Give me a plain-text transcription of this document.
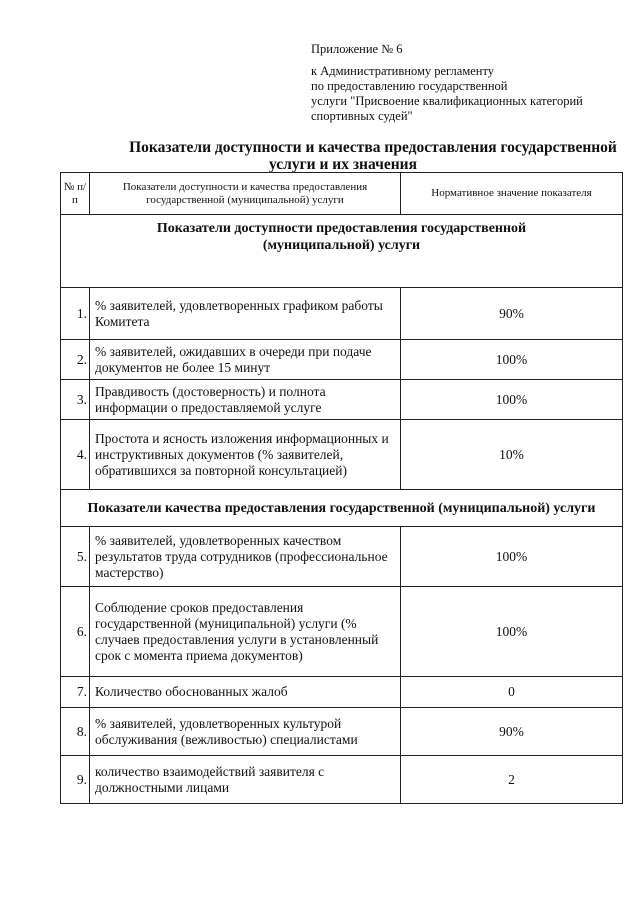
Приложение № 6
к Административному регламенту
по предоставлению государственной
услуги "Присвоение квалификационных категорий
спортивных судей"
Показатели доступности и качества предоставления государственной
услуги и их значения
№ п/п	Показатели доступности и качества предоставления государственной (муниципальной) услуги	Нормативное значение показателя
Показатели доступности предоставления государственной (муниципальной) услуги		
1.	% заявителей, удовлетворенных графиком работы Комитета	90%
2.	% заявителей, ожидавших в очереди при подаче документов не более 15 минут	100%
3.	Правдивость (достоверность) и полнота информации о предоставляемой услуге	100%
4.	Простота и ясность изложения информационных и инструктивных документов (% заявителей, обратившихся за повторной консультацией)	10%
Показатели качества предоставления государственной (муниципальной) услуги		
5.	% заявителей, удовлетворенных качеством результатов труда сотрудников (профессиональное мастерство)	100%
6.	Соблюдение сроков предоставления государственной (муниципальной) услуги (% случаев предоставления услуги в установленный срок с момента приема документов)	100%
7.	Количество обоснованных жалоб	0
8.	% заявителей, удовлетворенных культурой обслуживания (вежливостью) специалистами	90%
9.	количество взаимодействий заявителя с должностными лицами	2
